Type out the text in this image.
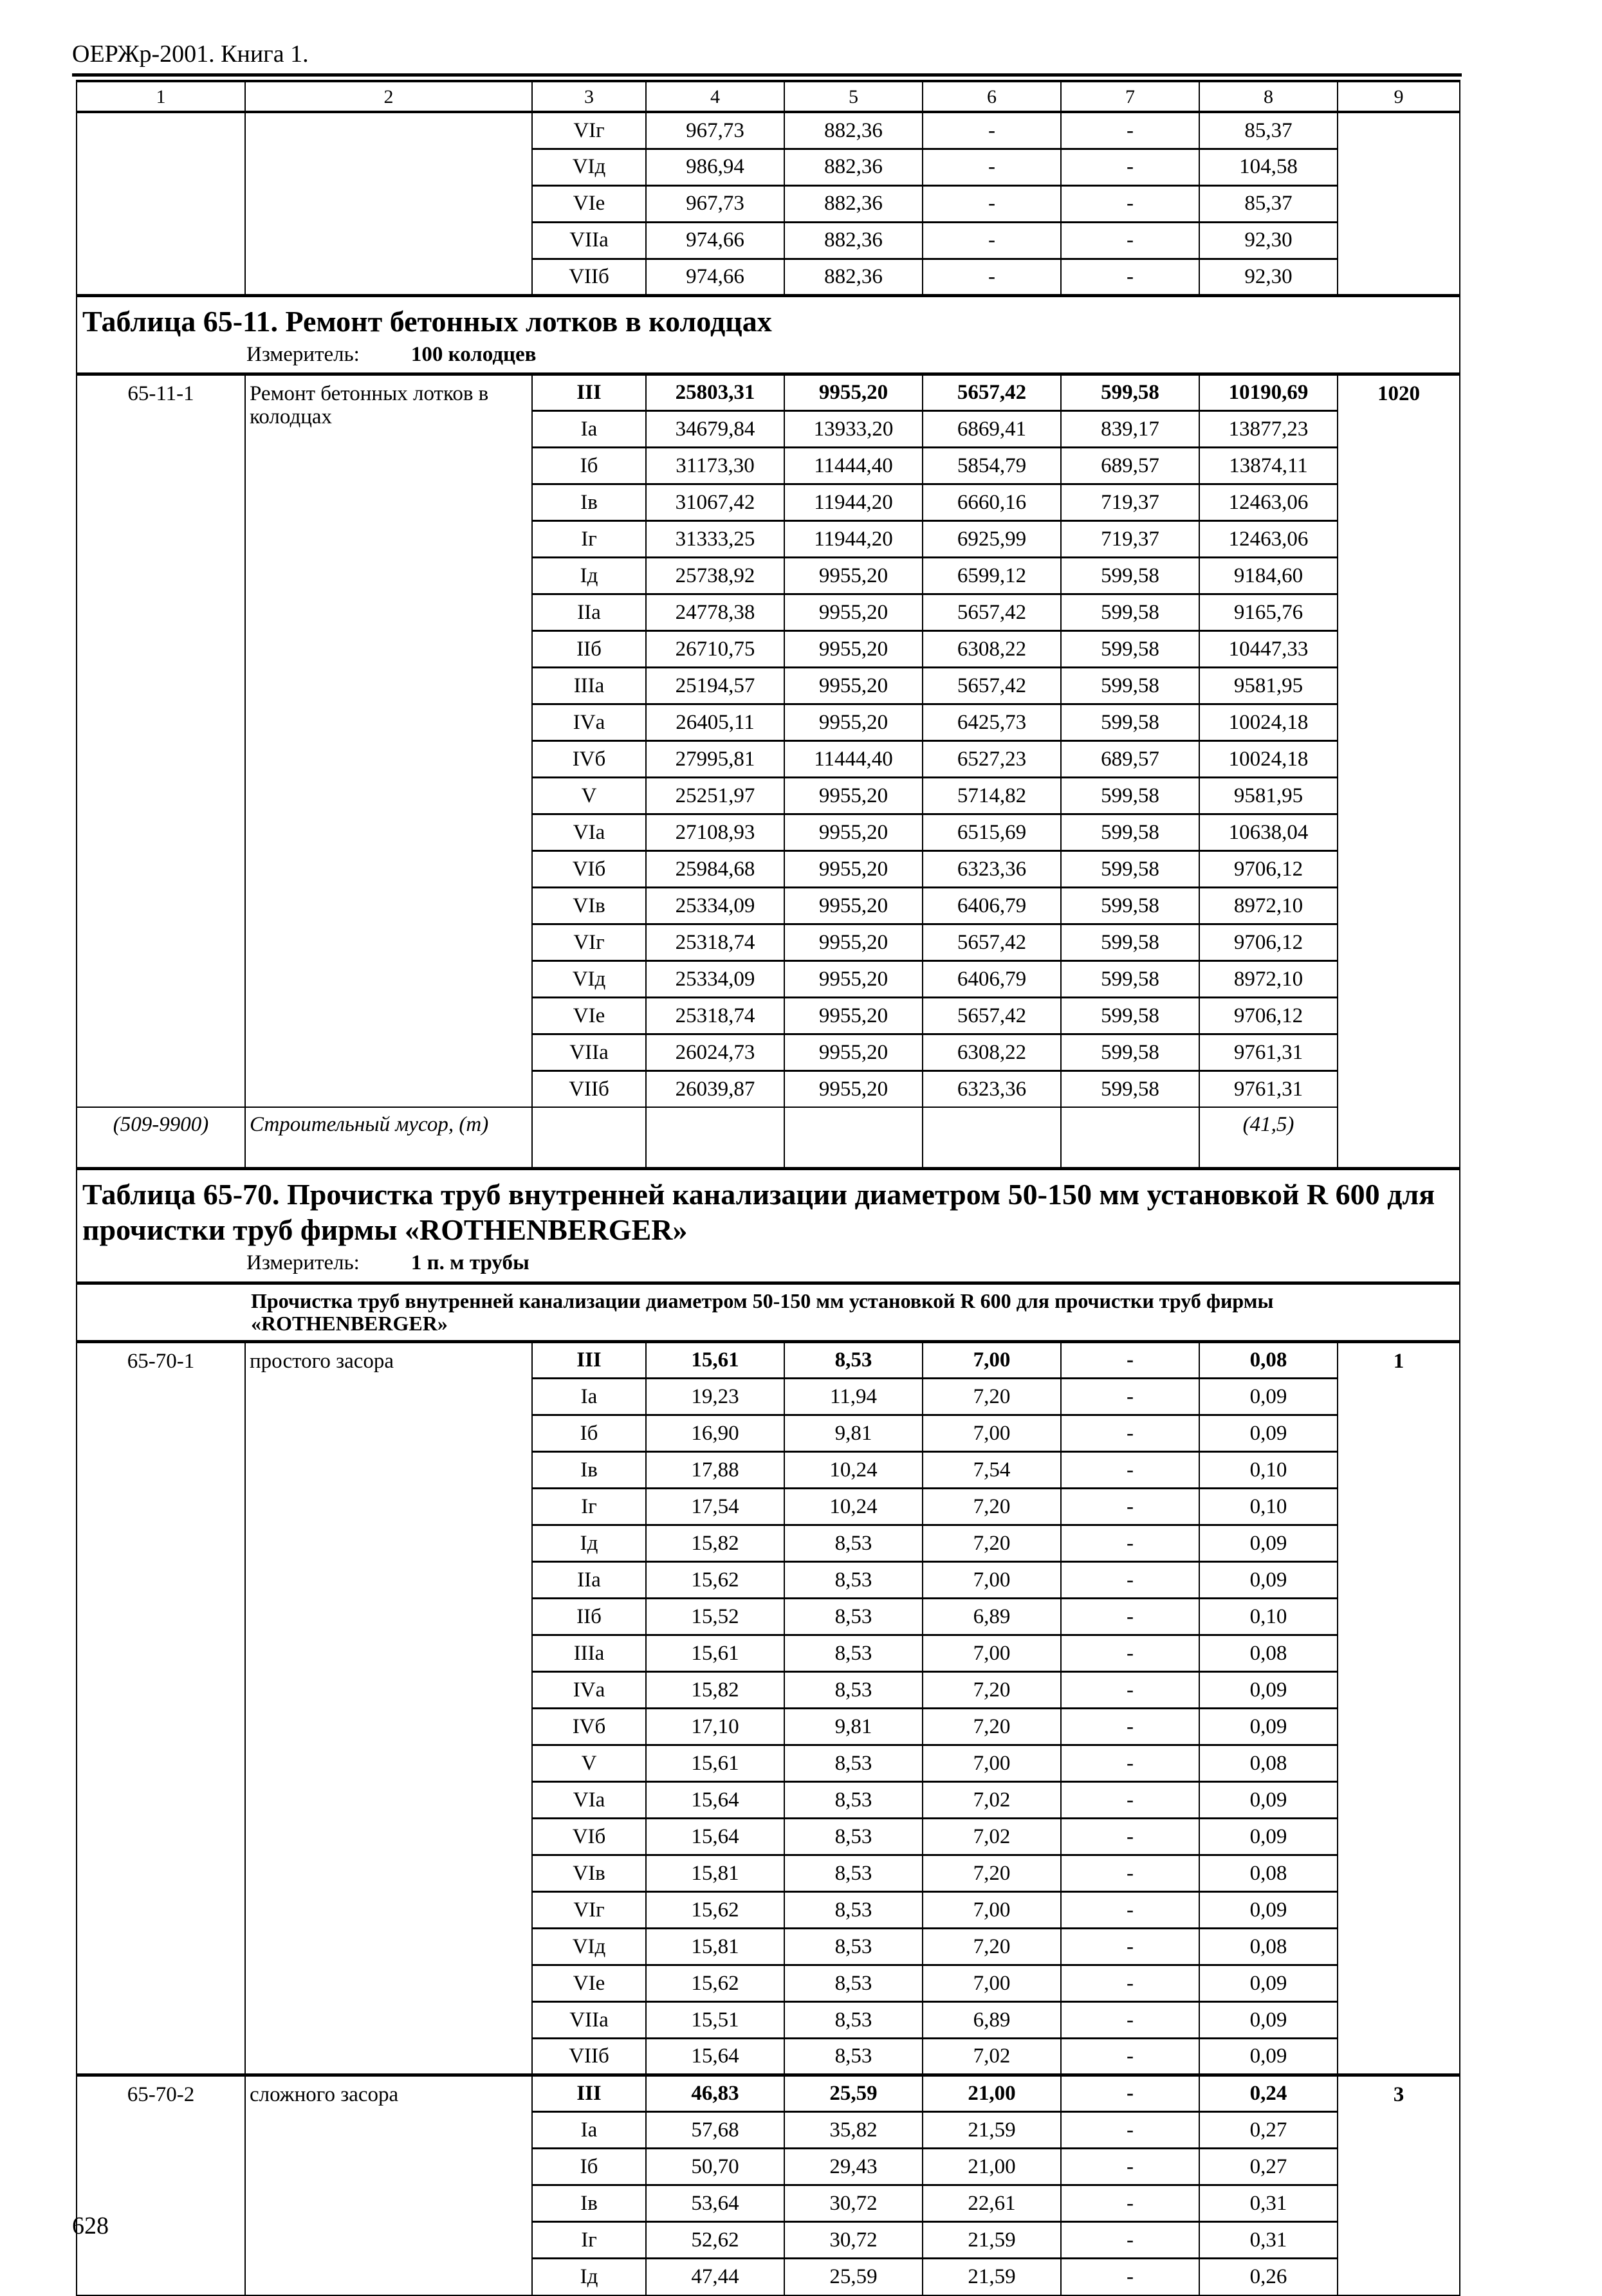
ОЕРЖр-2001. Книга 1.
1	2	3	4	5	6	7	8	9
		VIг	967,73	882,36	-	-	85,37	
		VIд	986,94	882,36	-	-	104,58	
		VIе	967,73	882,36	-	-	85,37	
		VIIа	974,66	882,36	-	-	92,30	
		VIIб	974,66	882,36	-	-	92,30	

Таблица 65-11. Ремонт бетонных лотков в колодцах
Измеритель: 100 колодцев								

65-11-1	Ремонт бетонных лотков в колодцах	III	25803,31	9955,20	5657,42	599,58	10190,69	1020
		Iа	34679,84	13933,20	6869,41	839,17	13877,23	
		Iб	31173,30	11444,40	5854,79	689,57	13874,11	
		Iв	31067,42	11944,20	6660,16	719,37	12463,06	
		Iг	31333,25	11944,20	6925,99	719,37	12463,06	
		Iд	25738,92	9955,20	6599,12	599,58	9184,60	
		IIа	24778,38	9955,20	5657,42	599,58	9165,76	
		IIб	26710,75	9955,20	6308,22	599,58	10447,33	
		IIIа	25194,57	9955,20	5657,42	599,58	9581,95	
		IVа	26405,11	9955,20	6425,73	599,58	10024,18	
		IVб	27995,81	11444,40	6527,23	689,57	10024,18	
		V	25251,97	9955,20	5714,82	599,58	9581,95	
		VIа	27108,93	9955,20	6515,69	599,58	10638,04	
		VIб	25984,68	9955,20	6323,36	599,58	9706,12	
		VIв	25334,09	9955,20	6406,79	599,58	8972,10	
		VIг	25318,74	9955,20	5657,42	599,58	9706,12	
		VIд	25334,09	9955,20	6406,79	599,58	8972,10	
		VIе	25318,74	9955,20	5657,42	599,58	9706,12	
		VIIа	26024,73	9955,20	6308,22	599,58	9761,31	
		VIIб	26039,87	9955,20	6323,36	599,58	9761,31	
(509-9900)	Строительный мусор, (т)						(41,5)	

Таблица 65-70. Прочистка труб внутренней канализации диаметром 50-150 мм установкой R 600 для прочистки труб фирмы «ROTHENBERGER»
Измеритель: 1 п. м трубы								

Прочистка труб внутренней канализации диаметром 50-150 мм установкой R 600 для прочистки труб фирмы «ROTHENBERGER»								
65-70-1	простого засора	III	15,61	8,53	7,00	-	0,08	1
		Iа	19,23	11,94	7,20	-	0,09	
		Iб	16,90	9,81	7,00	-	0,09	
		Iв	17,88	10,24	7,54	-	0,10	
		Iг	17,54	10,24	7,20	-	0,10	
		Iд	15,82	8,53	7,20	-	0,09	
		IIа	15,62	8,53	7,00	-	0,09	
		IIб	15,52	8,53	6,89	-	0,10	
		IIIа	15,61	8,53	7,00	-	0,08	
		IVа	15,82	8,53	7,20	-	0,09	
		IVб	17,10	9,81	7,20	-	0,09	
		V	15,61	8,53	7,00	-	0,08	
		VIа	15,64	8,53	7,02	-	0,09	
		VIб	15,64	8,53	7,02	-	0,09	
		VIв	15,81	8,53	7,20	-	0,08	
		VIг	15,62	8,53	7,00	-	0,09	
		VIд	15,81	8,53	7,20	-	0,08	
		VIе	15,62	8,53	7,00	-	0,09	
		VIIа	15,51	8,53	6,89	-	0,09	
		VIIб	15,64	8,53	7,02	-	0,09	
65-70-2	сложного засора	III	46,83	25,59	21,00	-	0,24	3
		Iа	57,68	35,82	21,59	-	0,27	
		Iб	50,70	29,43	21,00	-	0,27	
		Iв	53,64	30,72	22,61	-	0,31	
		Iг	52,62	30,72	21,59	-	0,31	
		Iд	47,44	25,59	21,59	-	0,26	
628
